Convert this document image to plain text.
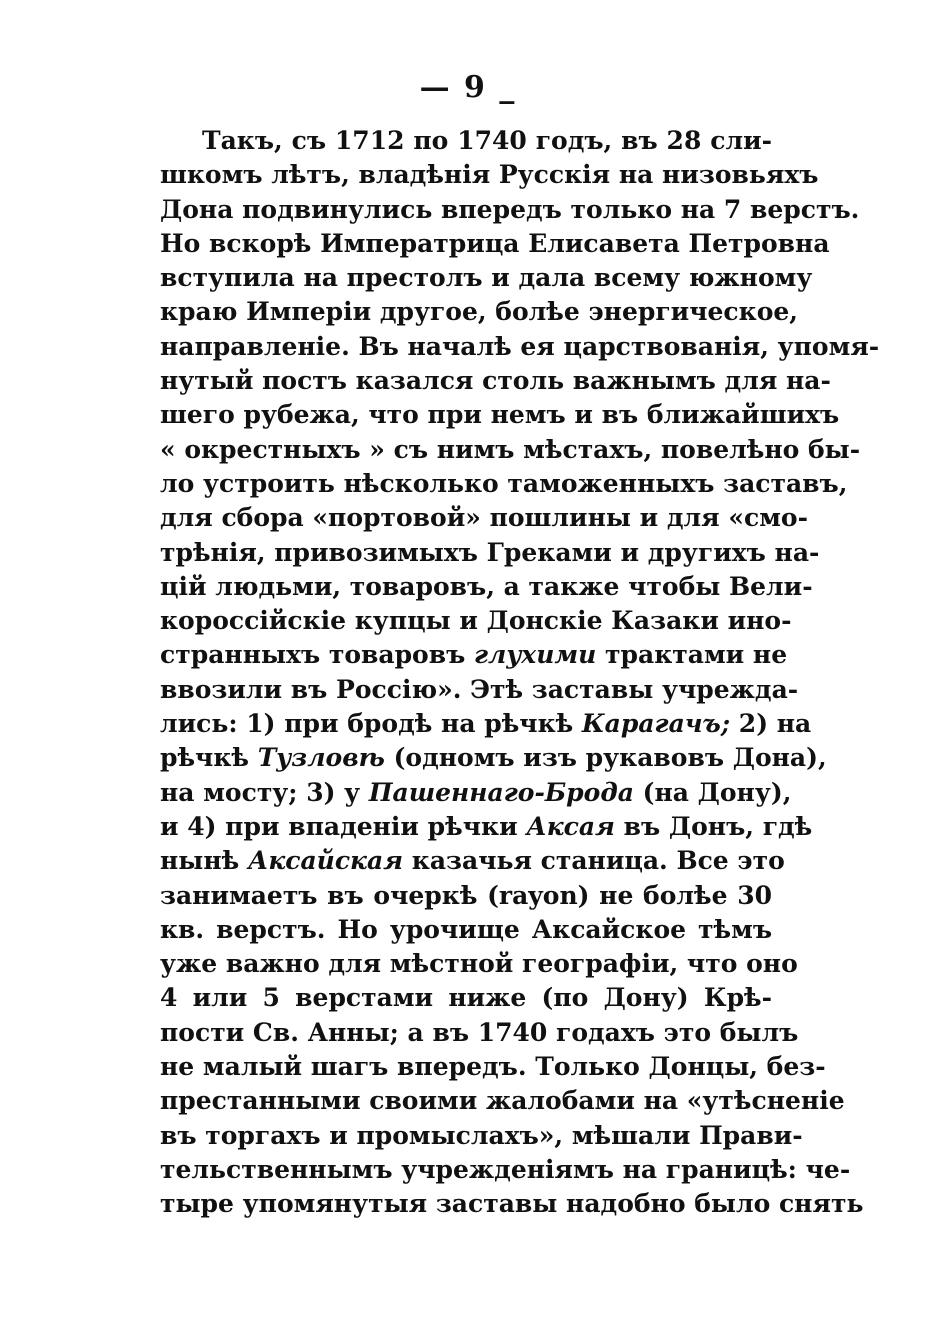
— 9 _
Такъ, съ 1712 по 1740 годъ, въ 28 сли-
шкомъ лѣтъ, владѣнія Русскія на низовьяхъ
Дона подвинулись впередъ только на 7 верстъ.
Но вскорѣ Императрица Елисавета Петровна
вступила на престолъ и дала всему южному
краю Имперіи другое, болѣе энергическое,
направленіе. Въ началѣ ея царствованія, упомя-
нутый постъ казался столь важнымъ для на-
шего рубежа, что при немъ и въ ближайшихъ
« окрестныхъ » съ нимъ мѣстахъ, повелѣно бы-
ло устроить нѣсколько таможенныхъ заставъ,
для сбора «портовой» пошлины и для «смо-
трѣнія, привозимыхъ Греками и другихъ на-
цій людьми, товаровъ, а также чтобы Вели-
короссійскіе купцы и Донскіе Казаки ино-
странныхъ товаровъ глухими трактами не
ввозили въ Россію». Этѣ заставы учрежда-
лись: 1) при бродѣ на рѣчкѣ Карагачъ; 2) на
рѣчкѣ Тузловѣ (одномъ изъ рукавовъ Дона),
на мосту; 3) у Пашеннаго-Брода (на Дону),
и 4) при впаденіи рѣчки Аксая въ Донъ, гдѣ
нынѣ Аксайская казачья станица. Все это
занимаетъ въ очеркѣ (rayon) не болѣе 30
кв. верстъ. Но урочище Аксайское тѣмъ
уже важно для мѣстной географіи, что оно
4 или 5 верстами ниже (по Дону) Крѣ-
пости Св. Анны; а въ 1740 годахъ это былъ
не малый шагъ впередъ. Только Донцы, без-
престанными своими жалобами на «утѣсненіе
въ торгахъ и промыслахъ», мѣшали Прави-
тельственнымъ учрежденіямъ на границѣ: че-
тыре упомянутыя заставы надобно было снять
